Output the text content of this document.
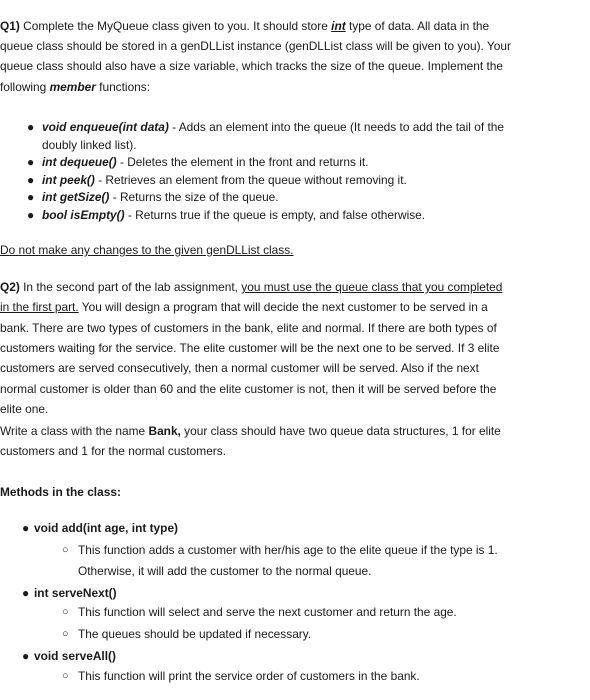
Q1) Complete the MyQueue class given to you. It should store int type of data. All data in the
queue class should be stored in a genDLList instance (genDLList class will be given to you). Your
queue class should also have a size variable, which tracks the size of the queue. Implement the
following member functions:
● void enqueue(int data) - Adds an element into the queue (It needs to add the tail of the
doubly linked list).
● int dequeue() - Deletes the element in the front and returns it.
● int peek() - Retrieves an element from the queue without removing it.
● int getSize() - Returns the size of the queue.
● bool isEmpty() - Returns true if the queue is empty, and false otherwise.
Do not make any changes to the given genDLList class.
Q2) In the second part of the lab assignment, you must use the queue class that you completed
in the first part. You will design a program that will decide the next customer to be served in a
bank. There are two types of customers in the bank, elite and normal. If there are both types of
customers waiting for the service. The elite customer will be the next one to be served. If 3 elite
customers are served consecutively, then a normal customer will be served. Also if the next
normal customer is older than 60 and the elite customer is not, then it will be served before the
elite one.
Write a class with the name Bank, your class should have two queue data structures, 1 for elite
customers and 1 for the normal customers.
Methods in the class:
● void add(int age, int type)
○ This function adds a customer with her/his age to the elite queue if the type is 1.
Otherwise, it will add the customer to the normal queue.
● int serveNext()
○ This function will select and serve the next customer and return the age.
○ The queues should be updated if necessary.
● void serveAll()
○ This function will print the service order of customers in the bank.
